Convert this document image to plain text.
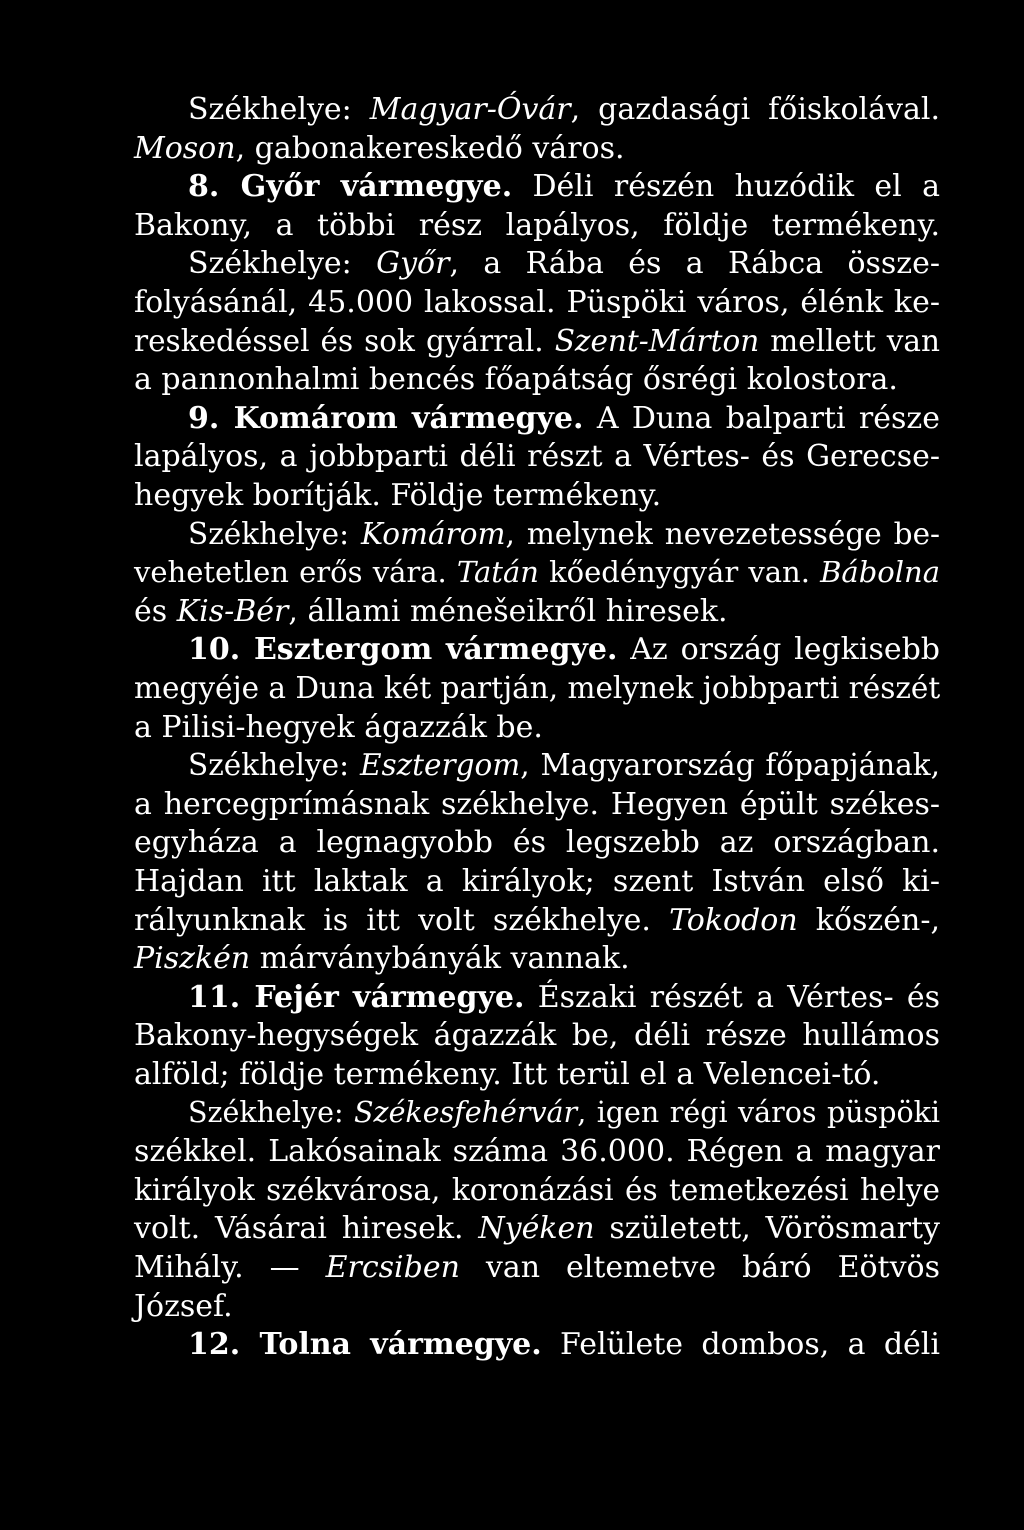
Székhelye: Magyar-Óvár, gazdasági főiskolával.
Moson, gabonakereskedő város.
8. Győr vármegye. Déli részén huzódik el a
Bakony, a többi rész lapályos, földje termékeny.
Székhelye: Győr, a Rába és a Rábca össze-
folyásánál, 45.000 lakossal. Püspöki város, élénk ke-
reskedéssel és sok gyárral. Szent-Márton mellett van
a pannonhalmi bencés főapátság ősrégi kolostora.
9. Komárom vármegye. A Duna balparti része
lapályos, a jobbparti déli részt a Vértes- és Gerecse-
hegyek borítják. Földje termékeny.
Székhelye: Komárom, melynek nevezetessége be-
vehetetlen erős vára. Tatán kőedénygyár van. Bábolna
és Kis-Bér, állami ménešeikről hiresek.
10. Esztergom vármegye. Az ország legkisebb
megyéje a Duna két partján, melynek jobbparti részét
a Pilisi-hegyek ágazzák be.
Székhelye: Esztergom, Magyarország főpapjának,
a hercegprímásnak székhelye. Hegyen épült székes-
egyháza a legnagyobb és legszebb az országban.
Hajdan itt laktak a királyok; szent István első ki-
rályunknak is itt volt székhelye. Tokodon kőszén-,
Piszkén márványbányák vannak.
11. Fejér vármegye. Északi részét a Vértes- és
Bakony-hegységek ágazzák be, déli része hullámos
alföld; földje termékeny. Itt terül el a Velencei-tó.
Székhelye: Székesfehérvár, igen régi város püspöki
székkel. Lakósainak száma 36.000. Régen a magyar
királyok székvárosa, koronázási és temetkezési helye
volt. Vásárai hiresek. Nyéken született, Vörösmarty
Mihály. — Ercsiben van eltemetve báró Eötvös
József.
12. Tolna vármegye. Felülete dombos, a déli
